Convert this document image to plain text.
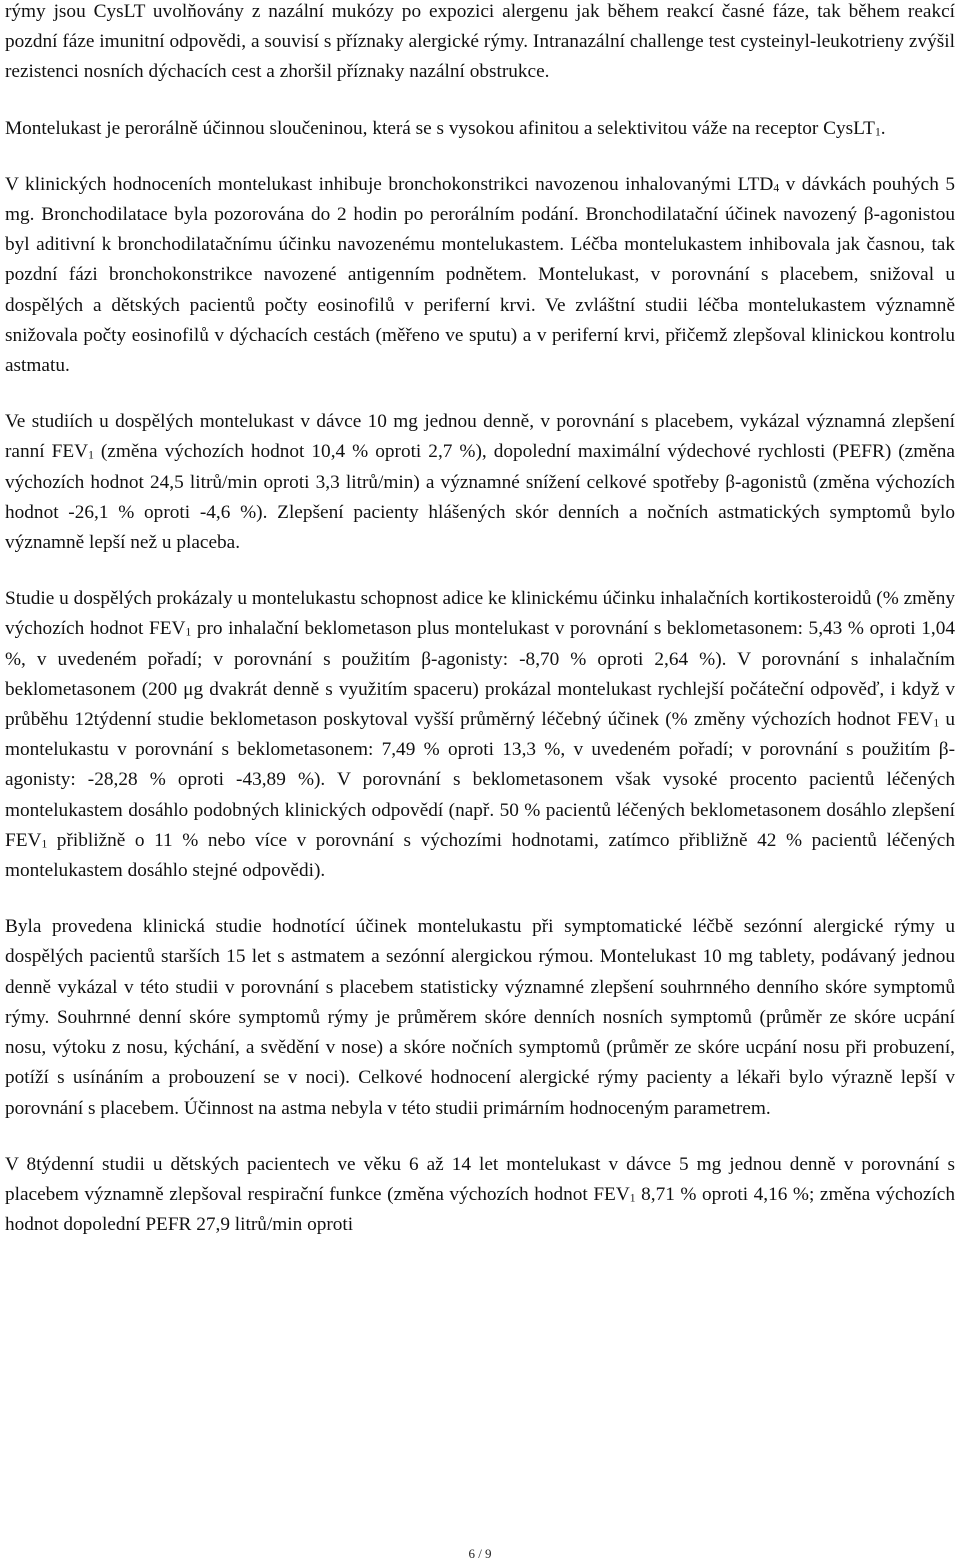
rýmy jsou CysLT uvolňovány z nazální mukózy po expozici alergenu jak během reakcí časné fáze, tak během reakcí pozdní fáze imunitní odpovědi, a souvisí s příznaky alergické rýmy. Intranazální challenge test cysteinyl-leukotrieny zvýšil rezistenci nosních dýchacích cest a zhoršil příznaky nazální obstrukce.

Montelukast je perorálně účinnou sloučeninou, která se s vysokou afinitou a selektivitou váže na receptor CysLT$_1$.

V klinických hodnoceních montelukast inhibuje bronchokonstrikci navozenou inhalovanými $LTD_4$ v dávkách pouhých 5 mg. Bronchodilatace byla pozorována do 2 hodin po perorálním podání. Bronchodilatační účinek navozený β-agonistou byl aditivní k bronchodilatačnímu účinku navozenému montelukastem. Léčba montelukastem inhibovala jak časnou, tak pozdní fázi bronchokonstrikce navozené antigenním podnětem. Montelukast, v porovnání s placebem, snižoval u dospělých a dětských pacientů počty eosinofilů v periferní krvi. Ve zvláštní studii léčba montelukastem významně snižovala počty eosinofilů v dýchacích cestách (měřeno ve sputu) a v periferní krvi, přičemž zlepšoval klinickou kontrolu astmatu.

Ve studiích u dospělých montelukast v dávce 10 mg jednou denně, v porovnání s placebem, vykázal významná zlepšení ranní $FEV_1$ (změna výchozích hodnot 10,4 % oproti 2,7 %), dopolední maximální výdechové rychlosti (PEFR) (změna výchozích hodnot 24,5 litrů/min oproti 3,3 litrů/min) a významné snížení celkové spotřeby β-agonistů (změna výchozích hodnot -26,1 % oproti -4,6 %). Zlepšení pacienty hlášených skór denních a nočních astmatických symptomů bylo významně lepší než u placeba.

Studie u dospělých prokázaly u montelukastu schopnost adice ke klinickému účinku inhalačních kortikosteroidů (% změny výchozích hodnot $FEV_1$ pro inhalační beklometason plus montelukast v porovnání s beklometasonem: 5,43 % oproti 1,04 %, v uvedeném pořadí; v porovnání s použitím β-agonisty: -8,70 % oproti 2,64 %). V porovnání s inhalačním beklometasonem (200 μg dvakrát denně s využitím spaceru) prokázal montelukast rychlejší počáteční odpověď, i když v průběhu 12týdenní studie beklometason poskytoval vyšší průměrný léčebný účinek (% změny výchozích hodnot $FEV_1$ u montelukastu v porovnání s beklometasonem: 7,49 % oproti 13,3 %, v uvedeném pořadí; v porovnání s použitím β-agonisty: -28,28 % oproti -43,89 %). V porovnání s beklometasonem však vysoké procento pacientů léčených montelukastem dosáhlo podobných klinických odpovědí (např. 50 % pacientů léčených beklometasonem dosáhlo zlepšení $FEV_1$ přibližně o 11 % nebo více v porovnání s výchozími hodnotami, zatímco přibližně 42 % pacientů léčených montelukastem dosáhlo stejné odpovědi).

Byla provedena klinická studie hodnotící účinek montelukastu při symptomatické léčbě sezónní alergické rýmy u dospělých pacientů starších 15 let s astmatem a sezónní alergickou rýmou. Montelukast 10 mg tablety, podávaný jednou denně vykázal v této studii v porovnání s placebem statisticky významné zlepšení souhrnného denního skóre symptomů rýmy. Souhrnné denní skóre symptomů rýmy je průměrem skóre denních nosních symptomů (průměr ze skóre ucpání nosu, výtoku z nosu, kýchání, a svědění v nose) a skóre nočních symptomů (průměr ze skóre ucpání nosu při probuzení, potíží s usínáním a probouzení se v noci). Celkové hodnocení alergické rýmy pacienty a lékaři bylo výrazně lepší v porovnání s placebem. Účinnost na astma nebyla v této studii primárním hodnoceným parametrem.

V 8týdenní studii u dětských pacientech ve věku 6 až 14 let montelukast v dávce 5 mg jednou denně v porovnání s placebem významně zlepšoval respirační funkce (změna výchozích hodnot $FEV_1$ 8,71 % oproti 4,16 %; změna výchozích hodnot dopolední PEFR 27,9 litrů/min oproti

6 / 9
